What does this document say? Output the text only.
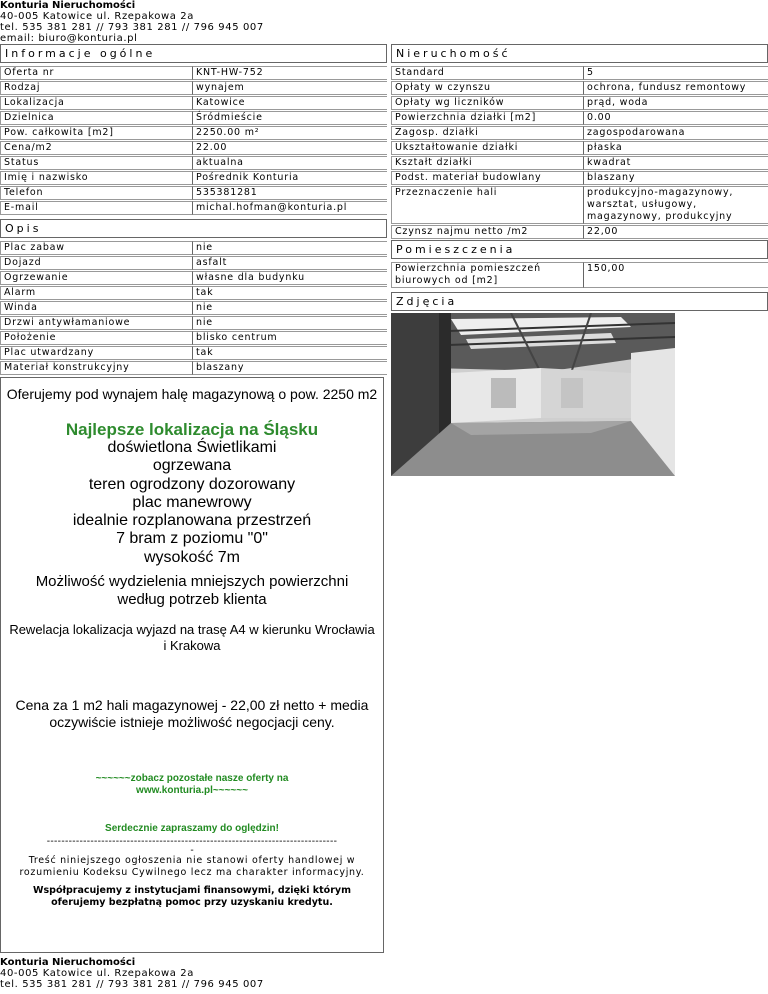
Konturia Nieruchomości
40-005 Katowice ul. Rzepakowa 2a
tel. 535 381 281 // 793 381 281 // 796 945 007
email: biuro@konturia.pl
Informacje ogólne
Oferta nr	KNT-HW-752
Rodzaj	wynajem
Lokalizacja	Katowice
Dzielnica	Śródmieście
Pow. całkowita [m2]	2250.00 m²
Cena/m2	22.00
Status	aktualna
Imię i nazwisko	Pośrednik Konturia
Telefon	535381281
E-mail	michal.hofman@konturia.pl
Nieruchomość
Standard	5
Opłaty w czynszu	ochrona, fundusz remontowy
Opłaty wg liczników	prąd, woda
Powierzchnia działki [m2]	0.00
Zagosp. działki	zagospodarowana
Ukształtowanie działki	płaska
Kształt działki	kwadrat
Podst. materiał budowlany	blaszany
Przeznaczenie hali	produkcyjno-magazynowy, warsztat, usługowy, magazynowy, produkcyjny
Czynsz najmu netto /m2	22,00
Opis
Plac zabaw	nie
Dojazd	asfalt
Ogrzewanie	własne dla budynku
Alarm	tak
Winda	nie
Drzwi antywłamaniowe	nie
Położenie	blisko centrum
Plac utwardzany	tak
Materiał konstrukcyjny	blaszany
Pomieszczenia
Powierzchnia pomieszczeń biurowych od [m2]	150,00
Zdjęcia
Oferujemy pod wynajem halę magazynową o pow. 2250 m2
Najlepsze lokalizacja na Śląsku
doświetlona Świetlikami
ogrzewana
teren ogrodzony dozorowany
plac manewrowy
idealnie rozplanowana przestrzeń
7 bram z poziomu "0"
wysokość 7m
Możliwość wydzielenia mniejszych powierzchni
według potrzeb klienta
Rewelacja lokalizacja wyjazd na trasę A4 w kierunku Wrocławia
i Krakowa
Cena za 1 m2 hali magazynowej - 22,00 zł netto + media
oczywiście istnieje możliwość negocjacji ceny.
~~~~~~zobacz pozostałe nasze oferty na
www.konturia.pl~~~~~~
Serdecznie zapraszamy do oględzin!
--------------------------------------------------------------------------------
-
Treść niniejszego ogłoszenia nie stanowi oferty handlowej w
rozumieniu Kodeksu Cywilnego lecz ma charakter informacyjny.
Współpracujemy z instytucjami finansowymi, dzięki którym
oferujemy bezpłatną pomoc przy uzyskaniu kredytu.
Konturia Nieruchomości
40-005 Katowice ul. Rzepakowa 2a
tel. 535 381 281 // 793 381 281 // 796 945 007
